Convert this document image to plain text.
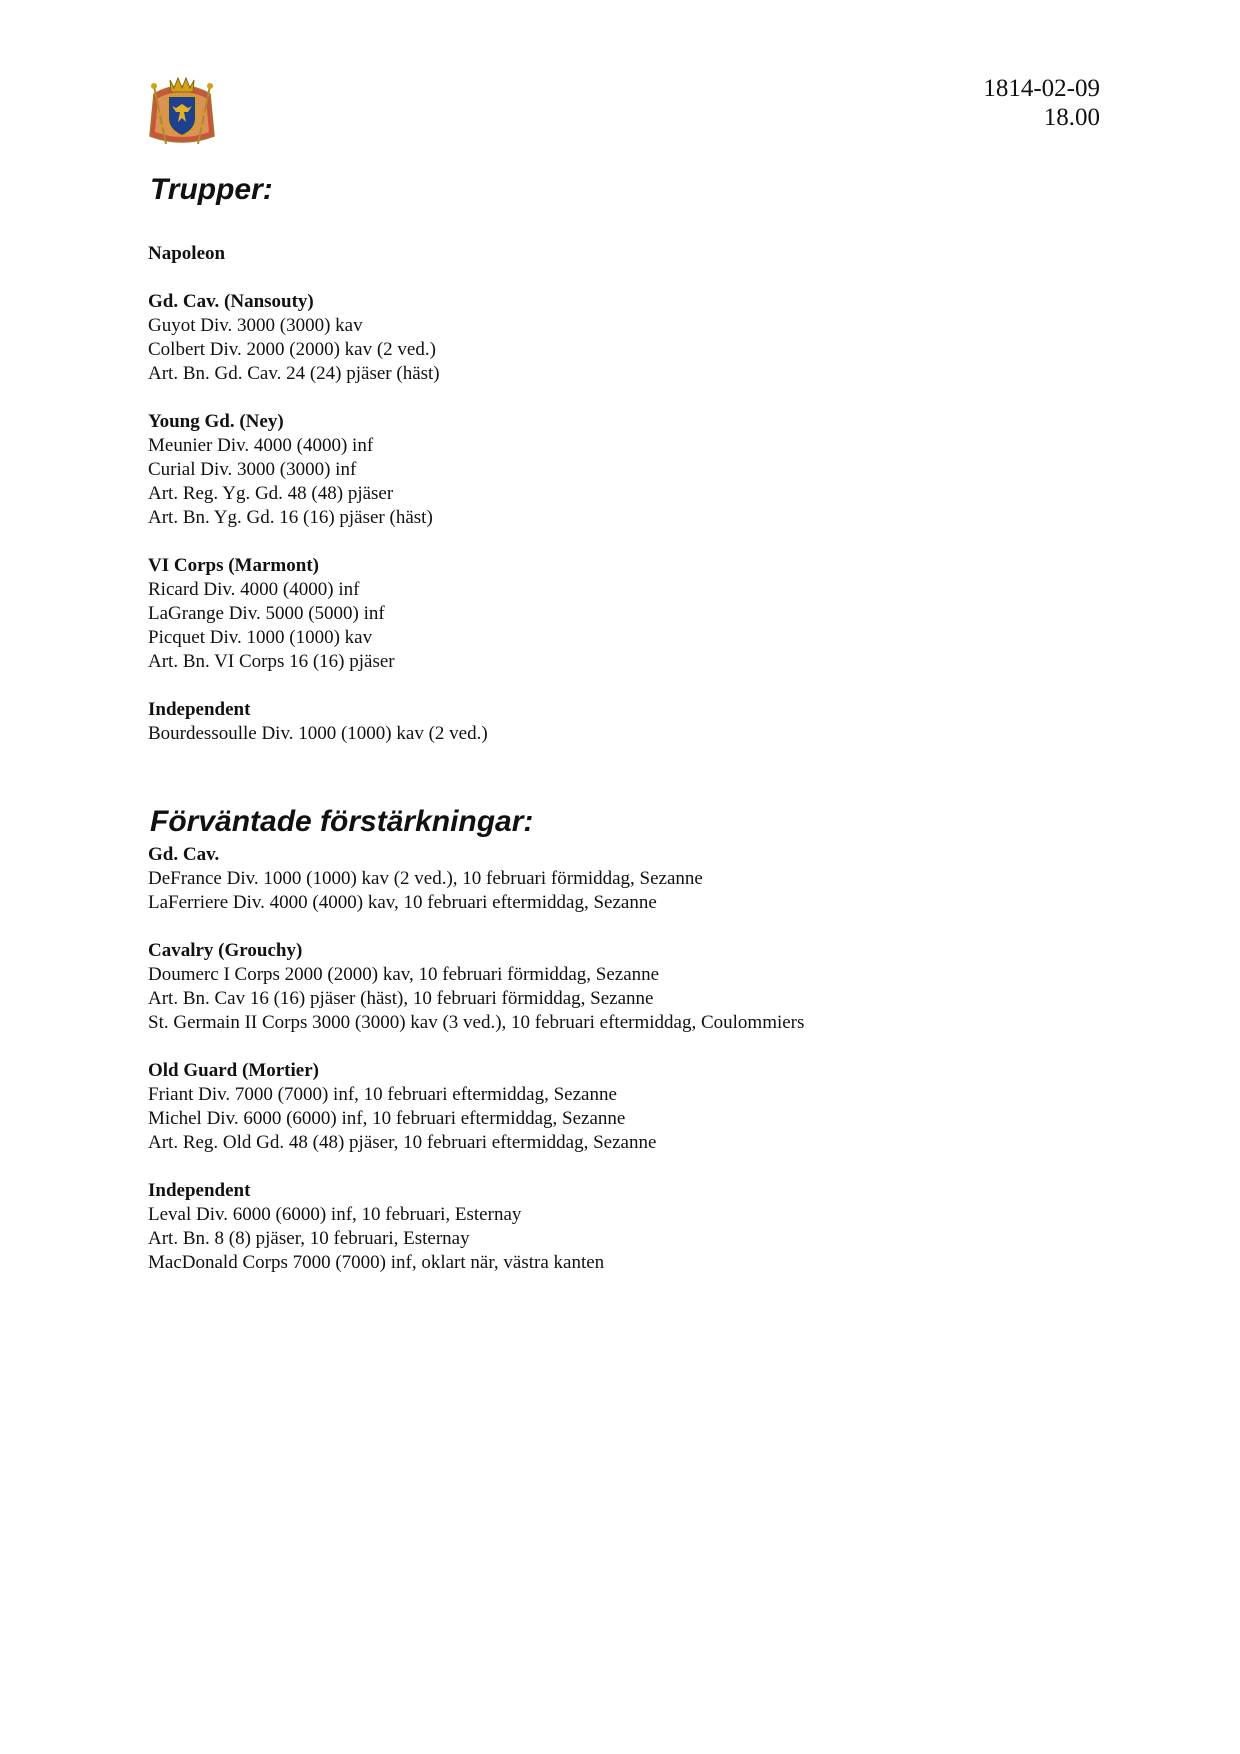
1814-02-09
18.00
Trupper:

Napoleon

Gd. Cav. (Nansouty)

Guyot Div. 3000 (3000) kav

Colbert Div. 2000 (2000) kav (2 ved.)

Art. Bn. Gd. Cav. 24 (24) pjäser (häst)

Young Gd. (Ney)

Meunier Div. 4000 (4000) inf

Curial Div. 3000 (3000) inf

Art. Reg. Yg. Gd. 48 (48) pjäser

Art. Bn. Yg. Gd. 16 (16) pjäser (häst)

VI Corps (Marmont)

Ricard Div. 4000 (4000) inf

LaGrange Div. 5000 (5000) inf

Picquet Div. 1000 (1000) kav

Art. Bn. VI Corps 16 (16) pjäser

Independent

Bourdessoulle Div. 1000 (1000) kav (2 ved.)

Förväntade förstärkningar:

Gd. Cav.

DeFrance Div. 1000 (1000) kav (2 ved.), 10 februari förmiddag, Sezanne

LaFerriere Div. 4000 (4000) kav, 10 februari eftermiddag, Sezanne

Cavalry (Grouchy)

Doumerc I Corps 2000 (2000) kav, 10 februari förmiddag, Sezanne

Art. Bn. Cav 16 (16) pjäser (häst), 10 februari förmiddag, Sezanne

St. Germain II Corps 3000 (3000) kav (3 ved.), 10 februari eftermiddag, Coulommiers

Old Guard (Mortier)

Friant Div. 7000 (7000) inf, 10 februari eftermiddag, Sezanne

Michel Div. 6000 (6000) inf, 10 februari eftermiddag, Sezanne

Art. Reg. Old Gd. 48 (48) pjäser, 10 februari eftermiddag, Sezanne

Independent

Leval Div. 6000 (6000) inf, 10 februari, Esternay

Art. Bn. 8 (8) pjäser, 10 februari, Esternay

MacDonald Corps 7000 (7000) inf, oklart när, västra kanten
